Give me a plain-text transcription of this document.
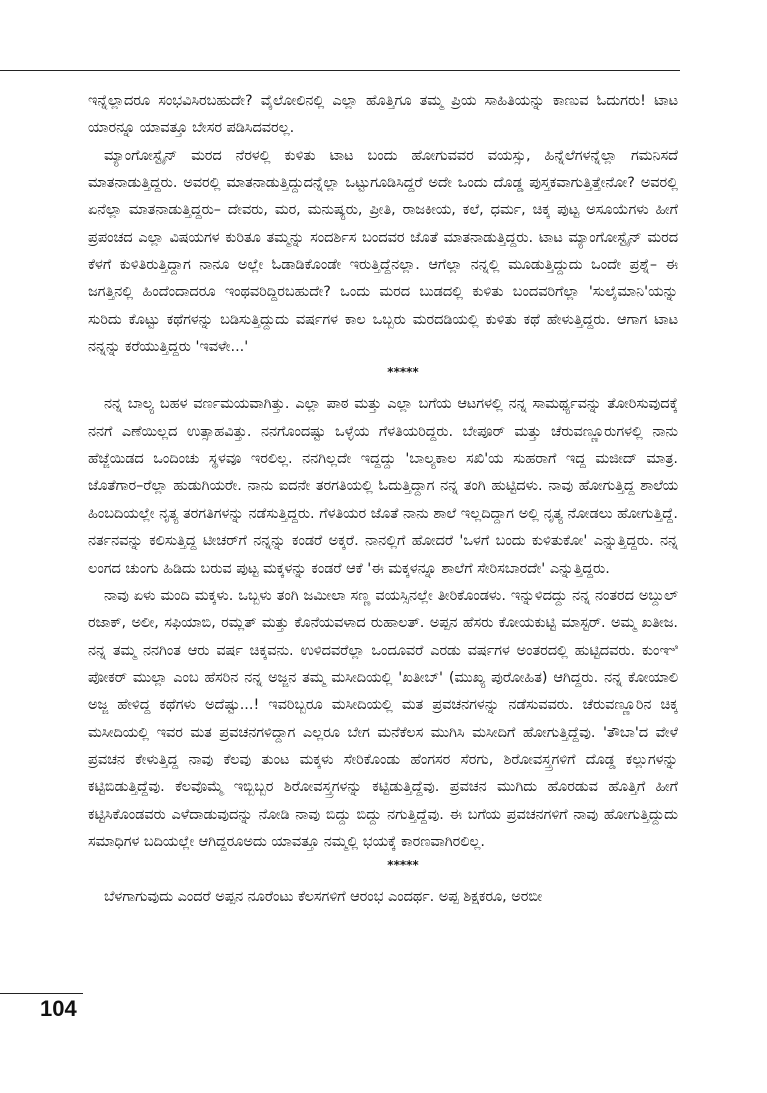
ಇನ್ನೆಲ್ಲಾದರೂ ಸಂಭವಿಸಿರಬಹುದೇ? ವೈಲೋಲಿನಲ್ಲಿ ಎಲ್ಲಾ ಹೊತ್ತಿಗೂ ತಮ್ಮ ಪ್ರಿಯ ಸಾಹಿತಿಯನ್ನು ಕಾಣುವ ಓದುಗರು! ಟಾಟ ಯಾರನ್ನೂ ಯಾವತ್ತೂ ಬೇಸರ ಪಡಿಸಿದವರಲ್ಲ.

ಮ್ಯಾಂಗೋಸ್ಟೈನ್ ಮರದ ನೆರಳಲ್ಲಿ ಕುಳಿತು ಟಾಟ ಬಂದು ಹೋಗುವವರ ವಯಸ್ಸು, ಹಿನ್ನೆಲೆಗಳನ್ನೆಲ್ಲಾ ಗಮನಿಸದೆ ಮಾತನಾಡುತ್ತಿದ್ದರು. ಅವರಲ್ಲಿ ಮಾತನಾಡುತ್ತಿದ್ದುದನ್ನೆಲ್ಲಾ ಒಟ್ಟುಗೂಡಿಸಿದ್ದರೆ ಅದೇ ಒಂದು ದೊಡ್ಡ ಪುಸ್ತಕವಾಗುತ್ತಿತ್ತೇನೋ? ಅವರಲ್ಲಿ ಏನೆಲ್ಲಾ ಮಾತನಾಡುತ್ತಿದ್ದರು– ದೇವರು, ಮರ, ಮನುಷ್ಯರು, ಪ್ರೀತಿ, ರಾಜಕೀಯ, ಕಲೆ, ಧರ್ಮ, ಚಿಕ್ಕ ಪುಟ್ಟ ಅಸೂಯೆಗಳು ಹೀಗೆ ಪ್ರಪಂಚದ ಎಲ್ಲಾ ವಿಷಯಗಳ ಕುರಿತೂ ತಮ್ಮನ್ನು ಸಂದರ್ಶಿಸ ಬಂದವರ ಜೊತೆ ಮಾತನಾಡುತ್ತಿದ್ದರು. ಟಾಟ ಮ್ಯಾಂಗೋಸ್ಟೈನ್ ಮರದ ಕೆಳಗೆ ಕುಳಿತಿರುತ್ತಿದ್ದಾಗ ನಾನೂ ಅಲ್ಲೇ ಓಡಾಡಿಕೊಂಡೇ ಇರುತ್ತಿದ್ದೆನಲ್ಲಾ. ಆಗೆಲ್ಲಾ ನನ್ನಲ್ಲಿ ಮೂಡುತ್ತಿದ್ದುದು ಒಂದೇ ಪ್ರಶ್ನೆ– ಈ ಜಗತ್ತಿನಲ್ಲಿ ಹಿಂದೆಂದಾದರೂ ಇಂಥವರಿದ್ದಿರಬಹುದೇ? ಒಂದು ಮರದ ಬುಡದಲ್ಲಿ ಕುಳಿತು ಬಂದವರಿಗೆಲ್ಲಾ 'ಸುಲೈಮಾನಿ'ಯನ್ನು ಸುರಿದು ಕೊಟ್ಟು ಕಥೆಗಳನ್ನು ಬಡಿಸುತ್ತಿದ್ದುದು ವರ್ಷಗಳ ಕಾಲ ಒಬ್ಬರು ಮರದಡಿಯಲ್ಲಿ ಕುಳಿತು ಕಥೆ ಹೇಳುತ್ತಿದ್ದರು. ಆಗಾಗ ಟಾಟ ನನ್ನನ್ನು ಕರೆಯುತ್ತಿದ್ದರು 'ಇವಳೇ...'

*****

ನನ್ನ ಬಾಲ್ಯ ಬಹಳ ವರ್ಣಮಯವಾಗಿತ್ತು. ಎಲ್ಲಾ ಪಾಠ ಮತ್ತು ಎಲ್ಲಾ ಬಗೆಯ ಆಟಗಳಲ್ಲಿ ನನ್ನ ಸಾಮರ್ಥ್ಯವನ್ನು ತೋರಿಸುವುದಕ್ಕೆ ನನಗೆ ಎಣೆಯಿಲ್ಲದ ಉತ್ಸಾಹವಿತ್ತು. ನನಗೊಂದಷ್ಟು ಒಳ್ಳೆಯ ಗೆಳತಿಯರಿದ್ದರು. ಬೇಪೂರ್ ಮತ್ತು ಚೆರುವಣ್ಣೂರುಗಳಲ್ಲಿ ನಾನು ಹೆಜ್ಜೆಯಿಡದ ಒಂದಿಂಚು ಸ್ಥಳವೂ ಇರಲಿಲ್ಲ. ನನಗಿಲ್ಲದೇ ಇದ್ದದ್ದು 'ಬಾಲ್ಯಕಾಲ ಸಖಿ'ಯ ಸುಹರಾಗೆ ಇದ್ದ ಮಜೀದ್ ಮಾತ್ರ. ಜೊತೆಗಾರ–ರೆಲ್ಲಾ ಹುಡುಗಿಯರೇ. ನಾನು ಐದನೇ ತರಗತಿಯಲ್ಲಿ ಓದುತ್ತಿದ್ದಾಗ ನನ್ನ ತಂಗಿ ಹುಟ್ಟಿದಳು. ನಾವು ಹೋಗುತ್ತಿದ್ದ ಶಾಲೆಯ ಹಿಂಬದಿಯಲ್ಲೇ ನೃತ್ಯ ತರಗತಿಗಳನ್ನು ನಡೆಸುತ್ತಿದ್ದರು. ಗೆಳತಿಯರ ಜೊತೆ ನಾನು ಶಾಲೆ ಇಲ್ಲದಿದ್ದಾಗ ಅಲ್ಲಿ ನೃತ್ಯ ನೋಡಲು ಹೋಗುತ್ತಿದ್ದೆ. ನರ್ತನವನ್ನು ಕಲಿಸುತ್ತಿದ್ದ ಟೀಚರ್‌ಗೆ ನನ್ನನ್ನು ಕಂಡರೆ ಅಕ್ಕರೆ. ನಾನಲ್ಲಿಗೆ ಹೋದರೆ 'ಒಳಗೆ ಬಂದು ಕುಳಿತುಕೋ' ಎನ್ನುತ್ತಿದ್ದರು. ನನ್ನ ಲಂಗದ ಚುಂಗು ಹಿಡಿದು ಬರುವ ಪುಟ್ಟ ಮಕ್ಕಳನ್ನು ಕಂಡರೆ ಆಕೆ 'ಈ ಮಕ್ಕಳನ್ನೂ ಶಾಲೆಗೆ ಸೇರಿಸಬಾರದೇ' ಎನ್ನುತ್ತಿದ್ದರು.

ನಾವು ಏಳು ಮಂದಿ ಮಕ್ಕಳು. ಒಬ್ಬಳು ತಂಗಿ ಜಮೀಲಾ ಸಣ್ಣ ವಯಸ್ಸಿನಲ್ಲೇ ತೀರಿಕೊಂಡಳು. ಇನ್ನುಳಿದದ್ದು ನನ್ನ ನಂತರದ ಅಬ್ದುಲ್ ರಜಾಕ್, ಅಲೀ, ಸಫಿಯಾಬಿ, ರಮ್ಲತ್ ಮತ್ತು ಕೊನೆಯವಳಾದ ರುಹಾಲತ್. ಅಪ್ಪನ ಹೆಸರು ಕೋಯಕುಟ್ಟಿ ಮಾಸ್ಟರ್. ಅಮ್ಮ ಖತೀಜ. ನನ್ನ ತಮ್ಮ ನನಗಿಂತ ಆರು ವರ್ಷ ಚಿಕ್ಕವನು. ಉಳಿದವರೆಲ್ಲಾ ಒಂದೂವರೆ ಎರಡು ವರ್ಷಗಳ ಅಂತರದಲ್ಲಿ ಹುಟ್ಟಿದವರು. ಕುಂಞಿ ಪೋಕರ್ ಮುಲ್ಲಾ ಎಂಬ ಹೆಸರಿನ ನನ್ನ ಅಜ್ಜನ ತಮ್ಮ ಮಸೀದಿಯಲ್ಲಿ 'ಖತೀಬ್' (ಮುಖ್ಯ ಪುರೋಹಿತ) ಆಗಿದ್ದರು. ನನ್ನ ಕೋಯಾಲಿ ಅಜ್ಜ ಹೇಳಿದ್ದ ಕಥೆಗಳು ಅದೆಷ್ಟು...! ಇವರಿಬ್ಬರೂ ಮಸೀದಿಯಲ್ಲಿ ಮತ ಪ್ರವಚನಗಳನ್ನು ನಡೆಸುವವರು. ಚೆರುವಣ್ಣೂರಿನ ಚಿಕ್ಕ ಮಸೀದಿಯಲ್ಲಿ ಇವರ ಮತ ಪ್ರವಚನಗಳಿದ್ದಾಗ ಎಲ್ಲರೂ ಬೇಗ ಮನೆಕೆಲಸ ಮುಗಿಸಿ ಮಸೀದಿಗೆ ಹೋಗುತ್ತಿದ್ದೆವು. 'ತೌಬಾ'ದ ವೇಳೆ ಪ್ರವಚನ ಕೇಳುತ್ತಿದ್ದ ನಾವು ಕೆಲವು ತುಂಟ ಮಕ್ಕಳು ಸೇರಿಕೊಂಡು ಹೆಂಗಸರ ಸೆರಗು, ಶಿರೋವಸ್ತ್ರಗಳಿಗೆ ದೊಡ್ಡ ಕಲ್ಲುಗಳನ್ನು ಕಟ್ಟಿಬಿಡುತ್ತಿದ್ದೆವು. ಕೆಲವೊಮ್ಮೆ ಇಬ್ಬಿಬ್ಬರ ಶಿರೋವಸ್ತ್ರಗಳನ್ನು ಕಟ್ಟಿಡುತ್ತಿದ್ದೆವು. ಪ್ರವಚನ ಮುಗಿದು ಹೊರಡುವ ಹೊತ್ತಿಗೆ ಹೀಗೆ ಕಟ್ಟಿಸಿಕೊಂಡವರು ಎಳೆದಾಡುವುದನ್ನು ನೋಡಿ ನಾವು ಬಿದ್ದು ಬಿದ್ದು ನಗುತ್ತಿದ್ದೆವು. ಈ ಬಗೆಯ ಪ್ರವಚನಗಳಿಗೆ ನಾವು ಹೋಗುತ್ತಿದ್ದುದು ಸಮಾಧಿಗಳ ಬದಿಯಲ್ಲೇ ಆಗಿದ್ದರೂಅದು ಯಾವತ್ತೂ ನಮ್ಮಲ್ಲಿ ಭಯಕ್ಕೆ ಕಾರಣವಾಗಿರಲಿಲ್ಲ.

*****

ಬೆಳಗಾಗುವುದು ಎಂದರೆ ಅಪ್ಪನ ನೂರೆಂಟು ಕೆಲಸಗಳಿಗೆ ಆರಂಭ ಎಂದರ್ಥ. ಅಪ್ಪ ಶಿಕ್ಷಕರೂ, ಅರಬೀ

104
